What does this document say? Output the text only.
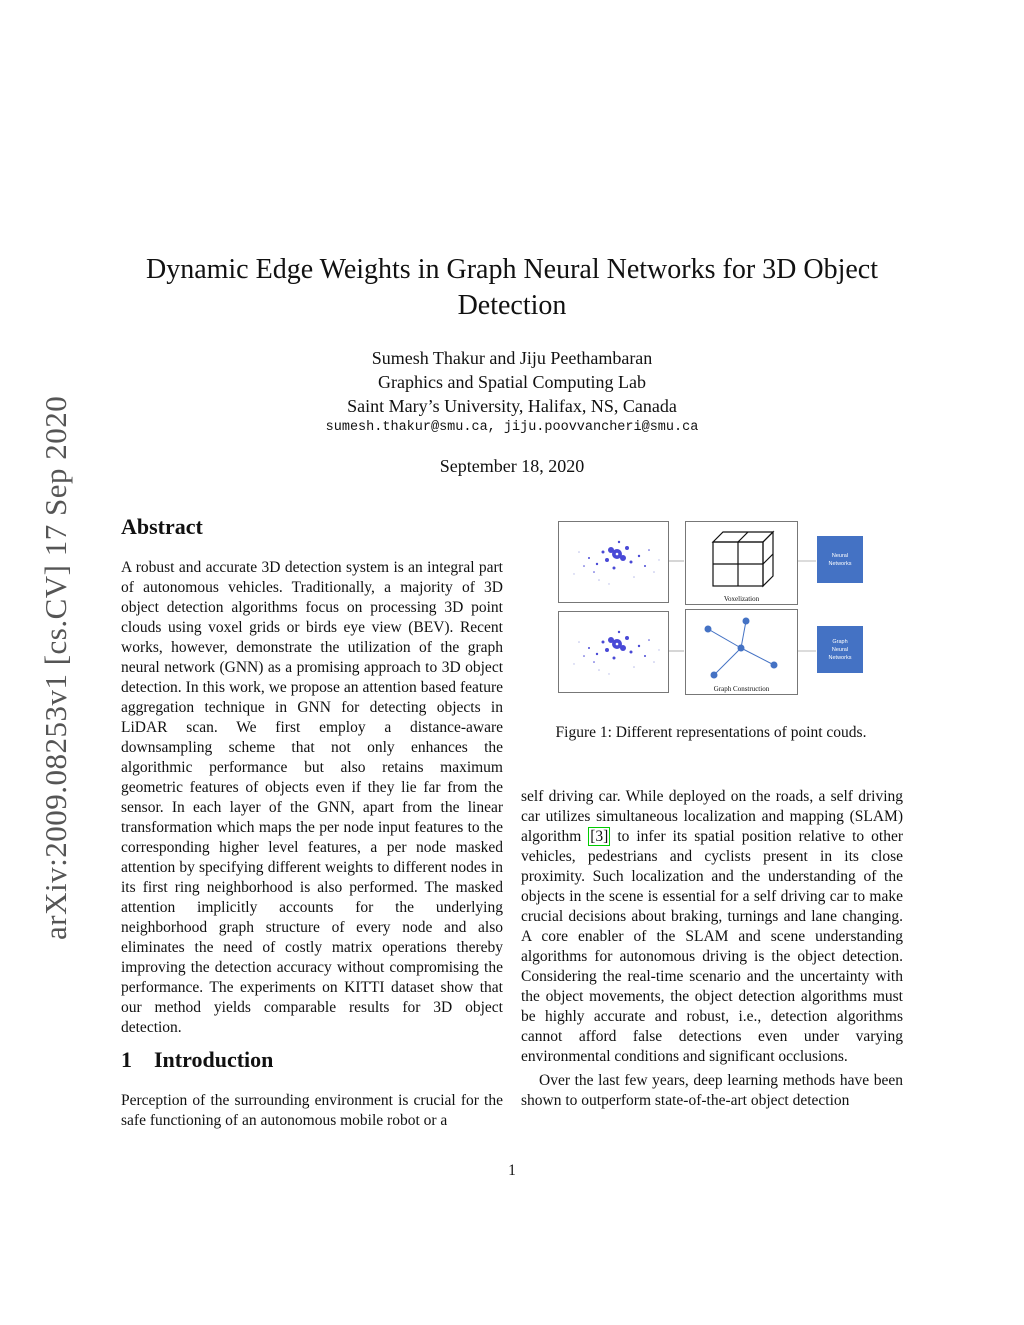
arXiv:2009.08253v1 [cs.CV] 17 Sep 2020
Dynamic Edge Weights in Graph Neural Networks for 3D Object Detection
Sumesh Thakur and Jiju Peethambaran
Graphics and Spatial Computing Lab
Saint Mary’s University, Halifax, NS, Canada
sumesh.thakur@smu.ca, jiju.poovvancheri@smu.ca
September 18, 2020
Abstract

A robust and accurate 3D detection system is an integral part of autonomous vehicles. Traditionally, a majority of 3D object detection algorithms focus on processing 3D point clouds using voxel grids or birds eye view (BEV). Recent works, however, demonstrate the utilization of the graph neural network (GNN) as a promising approach to 3D object detection. In this work, we propose an attention based feature aggregation technique in GNN for detecting objects in LiDAR scan. We first employ a distance-aware downsampling scheme that not only enhances the algorithmic performance but also retains maximum geometric features of objects even if they lie far from the sensor. In each layer of the GNN, apart from the linear transformation which maps the per node input features to the corresponding higher level features, a per node masked attention by specifying different weights to different nodes in its first ring neighborhood is also performed. The masked attention implicitly accounts for the underlying neighborhood graph structure of every node and also eliminates the need of costly matrix operations thereby improving the detection accuracy without compromising the performance. The experiments on KITTI dataset show that our method yields comparable results for 3D object detection.

1 Introduction

Perception of the surrounding environment is crucial for the safe functioning of an autonomous mobile robot or a

Voxelization
Graph Construction
Neural Networks
Graph Neural Networks
Figure 1: Different representations of point couds.

self driving car. While deployed on the roads, a self driving car utilizes simultaneous localization and mapping (SLAM) algorithm [3] to infer its spatial position relative to other vehicles, pedestrians and cyclists present in its close proximity. Such localization and the understanding of the objects in the scene is essential for a self driving car to make crucial decisions about braking, turnings and lane changing. A core enabler of the SLAM and scene understanding algorithms for autonomous driving is the object detection. Considering the real-time scenario and the uncertainty with the object movements, the object detection algorithms must be highly accurate and robust, i.e., detection algorithms cannot afford false detections even under varying environmental conditions and significant occlusions.

Over the last few years, deep learning methods have been shown to outperform state-of-the-art object detection

1
